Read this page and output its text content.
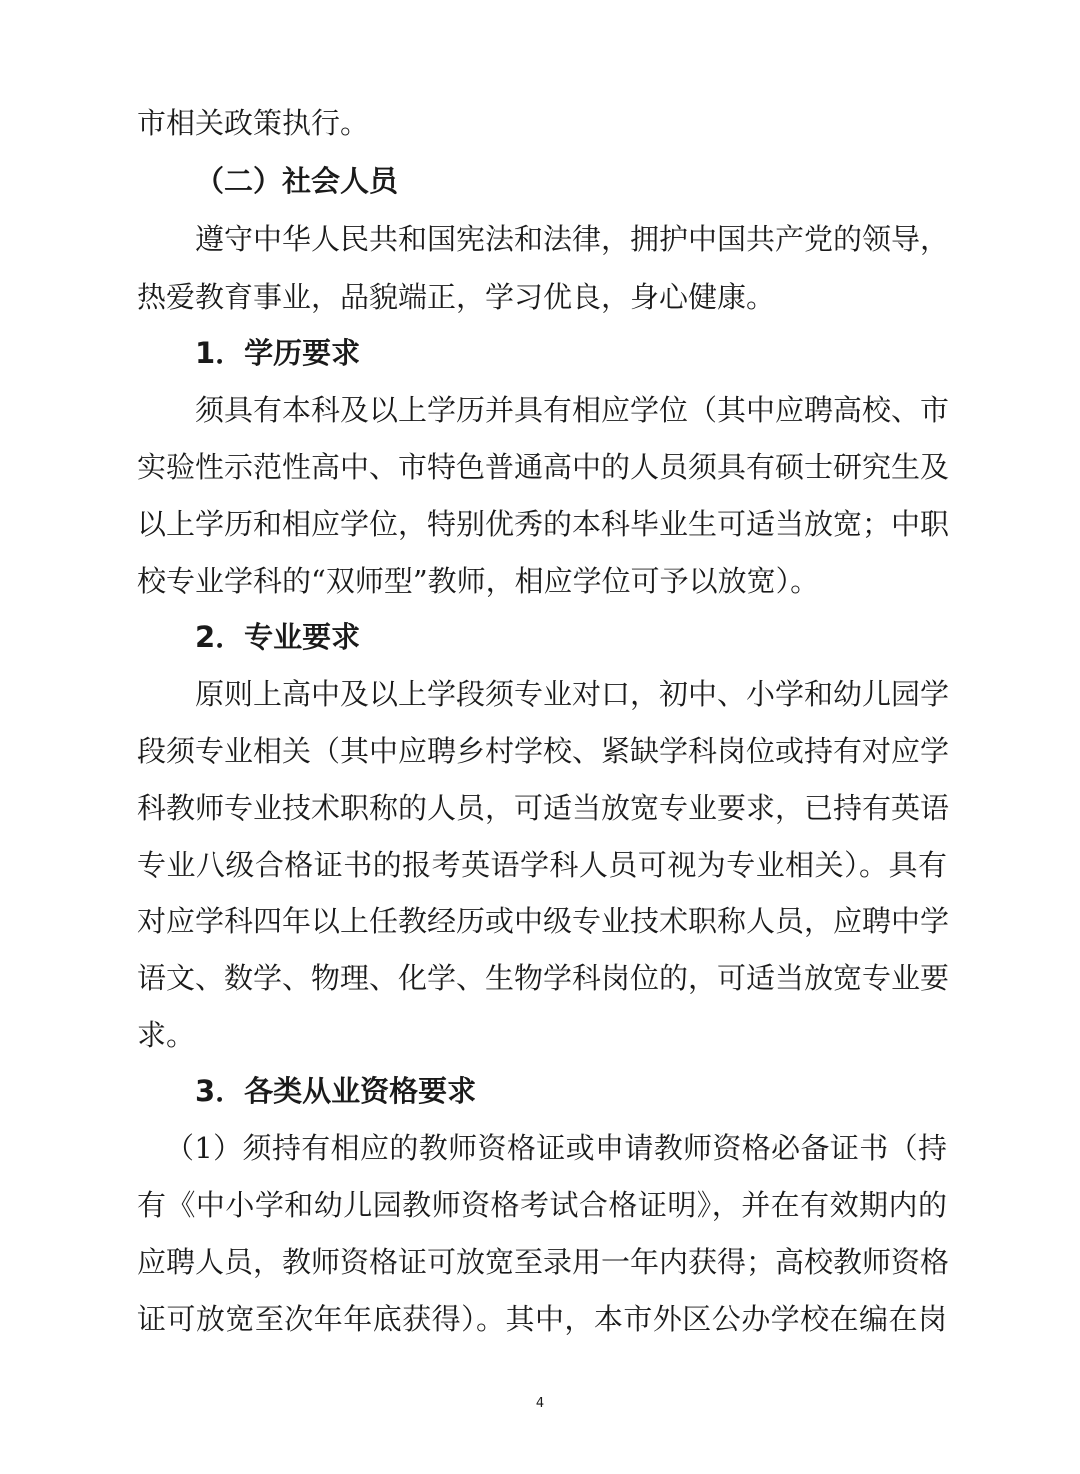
市相关政策执行。
（二）社会人员
遵守中华人民共和国宪法和法律，拥护中国共产党的领导，
热爱教育事业，品貌端正，学习优良，身心健康。
1．学历要求
须具有本科及以上学历并具有相应学位（其中应聘高校、市
实验性示范性高中、市特色普通高中的人员须具有硕士研究生及
以上学历和相应学位，特别优秀的本科毕业生可适当放宽；中职
校专业学科的“双师型”教师，相应学位可予以放宽）。
2．专业要求
原则上高中及以上学段须专业对口，初中、小学和幼儿园学
段须专业相关（其中应聘乡村学校、紧缺学科岗位或持有对应学
科教师专业技术职称的人员，可适当放宽专业要求，已持有英语
专业八级合格证书的报考英语学科人员可视为专业相关）。具有
对应学科四年以上任教经历或中级专业技术职称人员，应聘中学
语文、数学、物理、化学、生物学科岗位的，可适当放宽专业要
求。
3．各类从业资格要求
（1）须持有相应的教师资格证或申请教师资格必备证书（持
有《中小学和幼儿园教师资格考试合格证明》，并在有效期内的
应聘人员，教师资格证可放宽至录用一年内获得；高校教师资格
证可放宽至次年年底获得）。其中，本市外区公办学校在编在岗
4
